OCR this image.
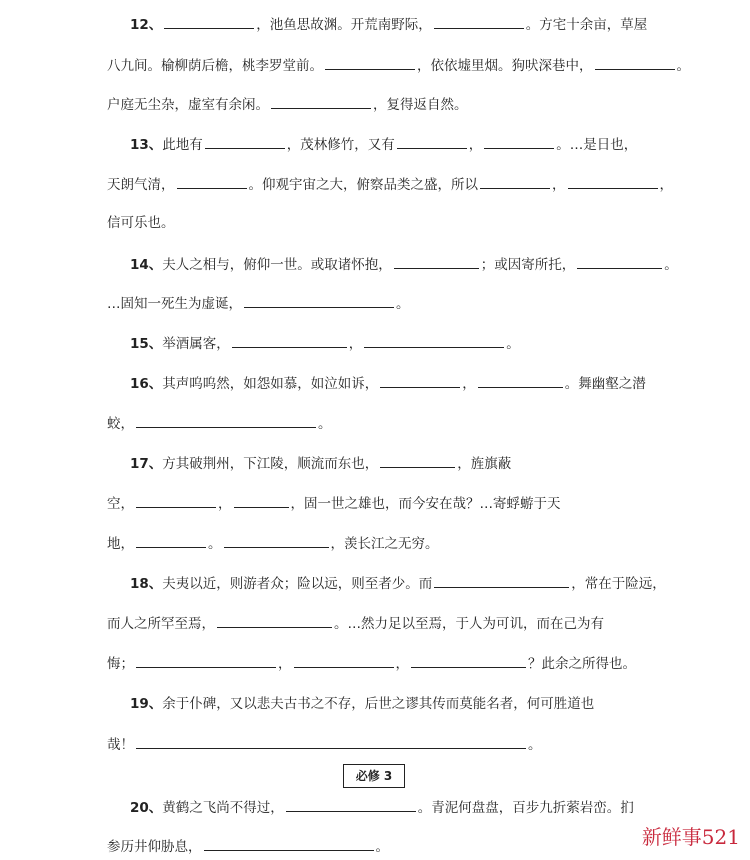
12、	，池鱼思故渊。开荒南野际，	。方宅十余亩，草屋
八九间。榆柳荫后檐，桃李罗堂前。	，依依墟里烟。狗吠深巷中，	。
户庭无尘杂，虚室有余闲。	，复得返自然。
13、此地有	，茂林修竹，又有	，	。…是日也，
天朗气清，	。仰观宇宙之大，俯察品类之盛，所以	，	，
信可乐也。
14、夫人之相与，俯仰一世。或取诸怀抱，	；或因寄所托，	。
…固知一死生为虚诞，	。
15、举酒属客，	，	。
16、其声呜呜然，如怨如慕，如泣如诉，	，	。舞幽壑之潜
蛟，	。
17、方其破荆州，下江陵，顺流而东也，	，旌旗蔽
空，	，	，固一世之雄也，而今安在哉？…寄蜉蝣于天
地，	。	，羡长江之无穷。
18、夫夷以近，则游者众；险以远，则至者少。而	，常在于险远，
而人之所罕至焉，	。…然力足以至焉，于人为可讥，而在己为有
悔；	，	，	？此余之所得也。
19、余于仆碑，又以悲夫古书之不存，后世之谬其传而莫能名者，何可胜道也
哉！	。
20、黄鹤之飞尚不得过，	。青泥何盘盘，百步九折萦岩峦。扪
参历井仰胁息，	。
必修 3
新鲜事521
